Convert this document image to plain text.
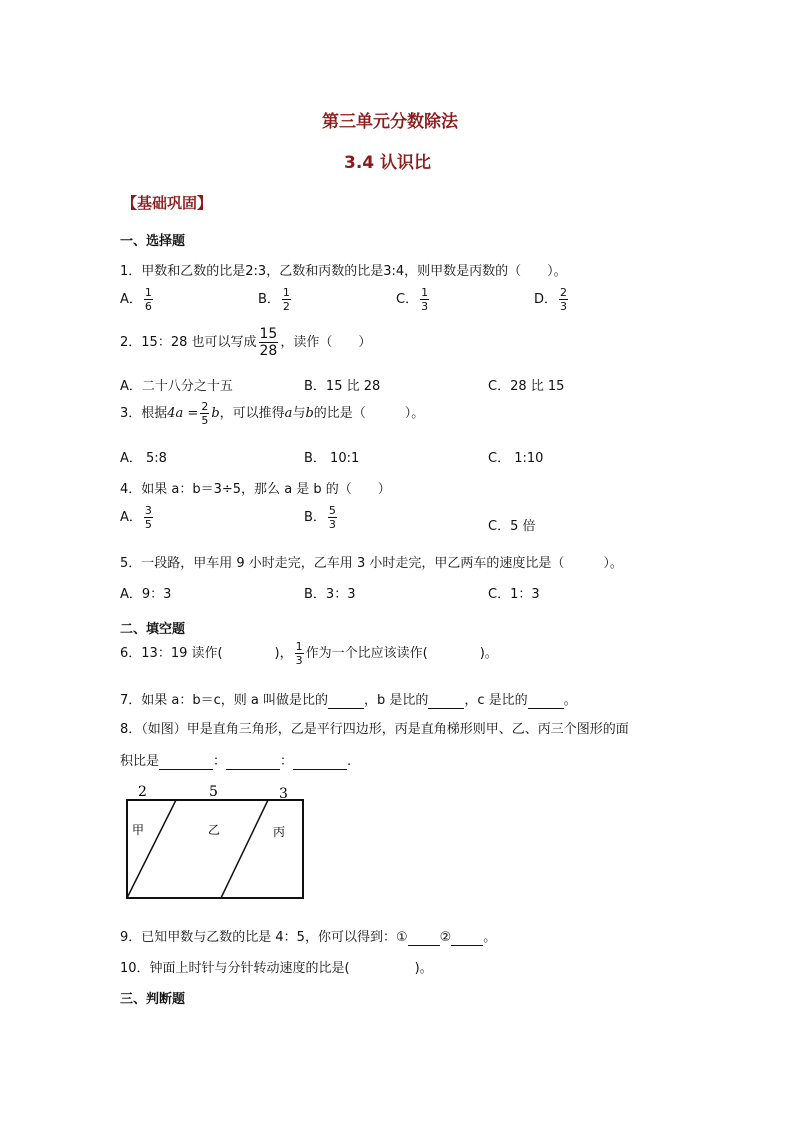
第三单元分数除法
3.4 认识比
【基础巩固】
一、选择题
1．甲数和乙数的比是2:3，乙数和丙数的比是3:4，则甲数是丙数的（　　）。
A． $\frac{1}{6}$	B． $\frac{1}{2}$	C． $\frac{1}{3}$	D． $\frac{2}{3}$
2．15：28 也可以写成 $\frac{15}{28}$ ，读作（　　）
A．二十八分之十五	B．15 比 28	C．28 比 15
3．根据$4a = \frac{2}{5}$ b，可以推得a与b的比是（　　　）。
A． 5:8	B． 10:1	C． 1:10
4．如果 a：b＝3÷5，那么 a 是 b 的（　　）
A． $\frac{3}{5}$	B． $\frac{5}{3}$	C．5 倍
5．一段路，甲车用 9 小时走完，乙车用 3 小时走完，甲乙两车的速度比是（　　　）。
A．9：3	B．3：3	C．1：3
二、填空题
6．13：19 读作(　　　　)， $\frac{1}{3}$ 作为一个比应该读作(　　　　)。
7．如果 a：b＝c，则 a 叫做是比的	，b 是比的	，c 是比的	。
8．（如图）甲是直角三角形，乙是平行四边形，丙是直角梯形则甲、乙、丙三个图形的面
积比是	：	：	.
2	5	3
甲	乙	丙
9．已知甲数与乙数的比是 4：5，你可以得到：① ② 。
10．钟面上时针与分针转动速度的比是(　　　　　)。
三、判断题
